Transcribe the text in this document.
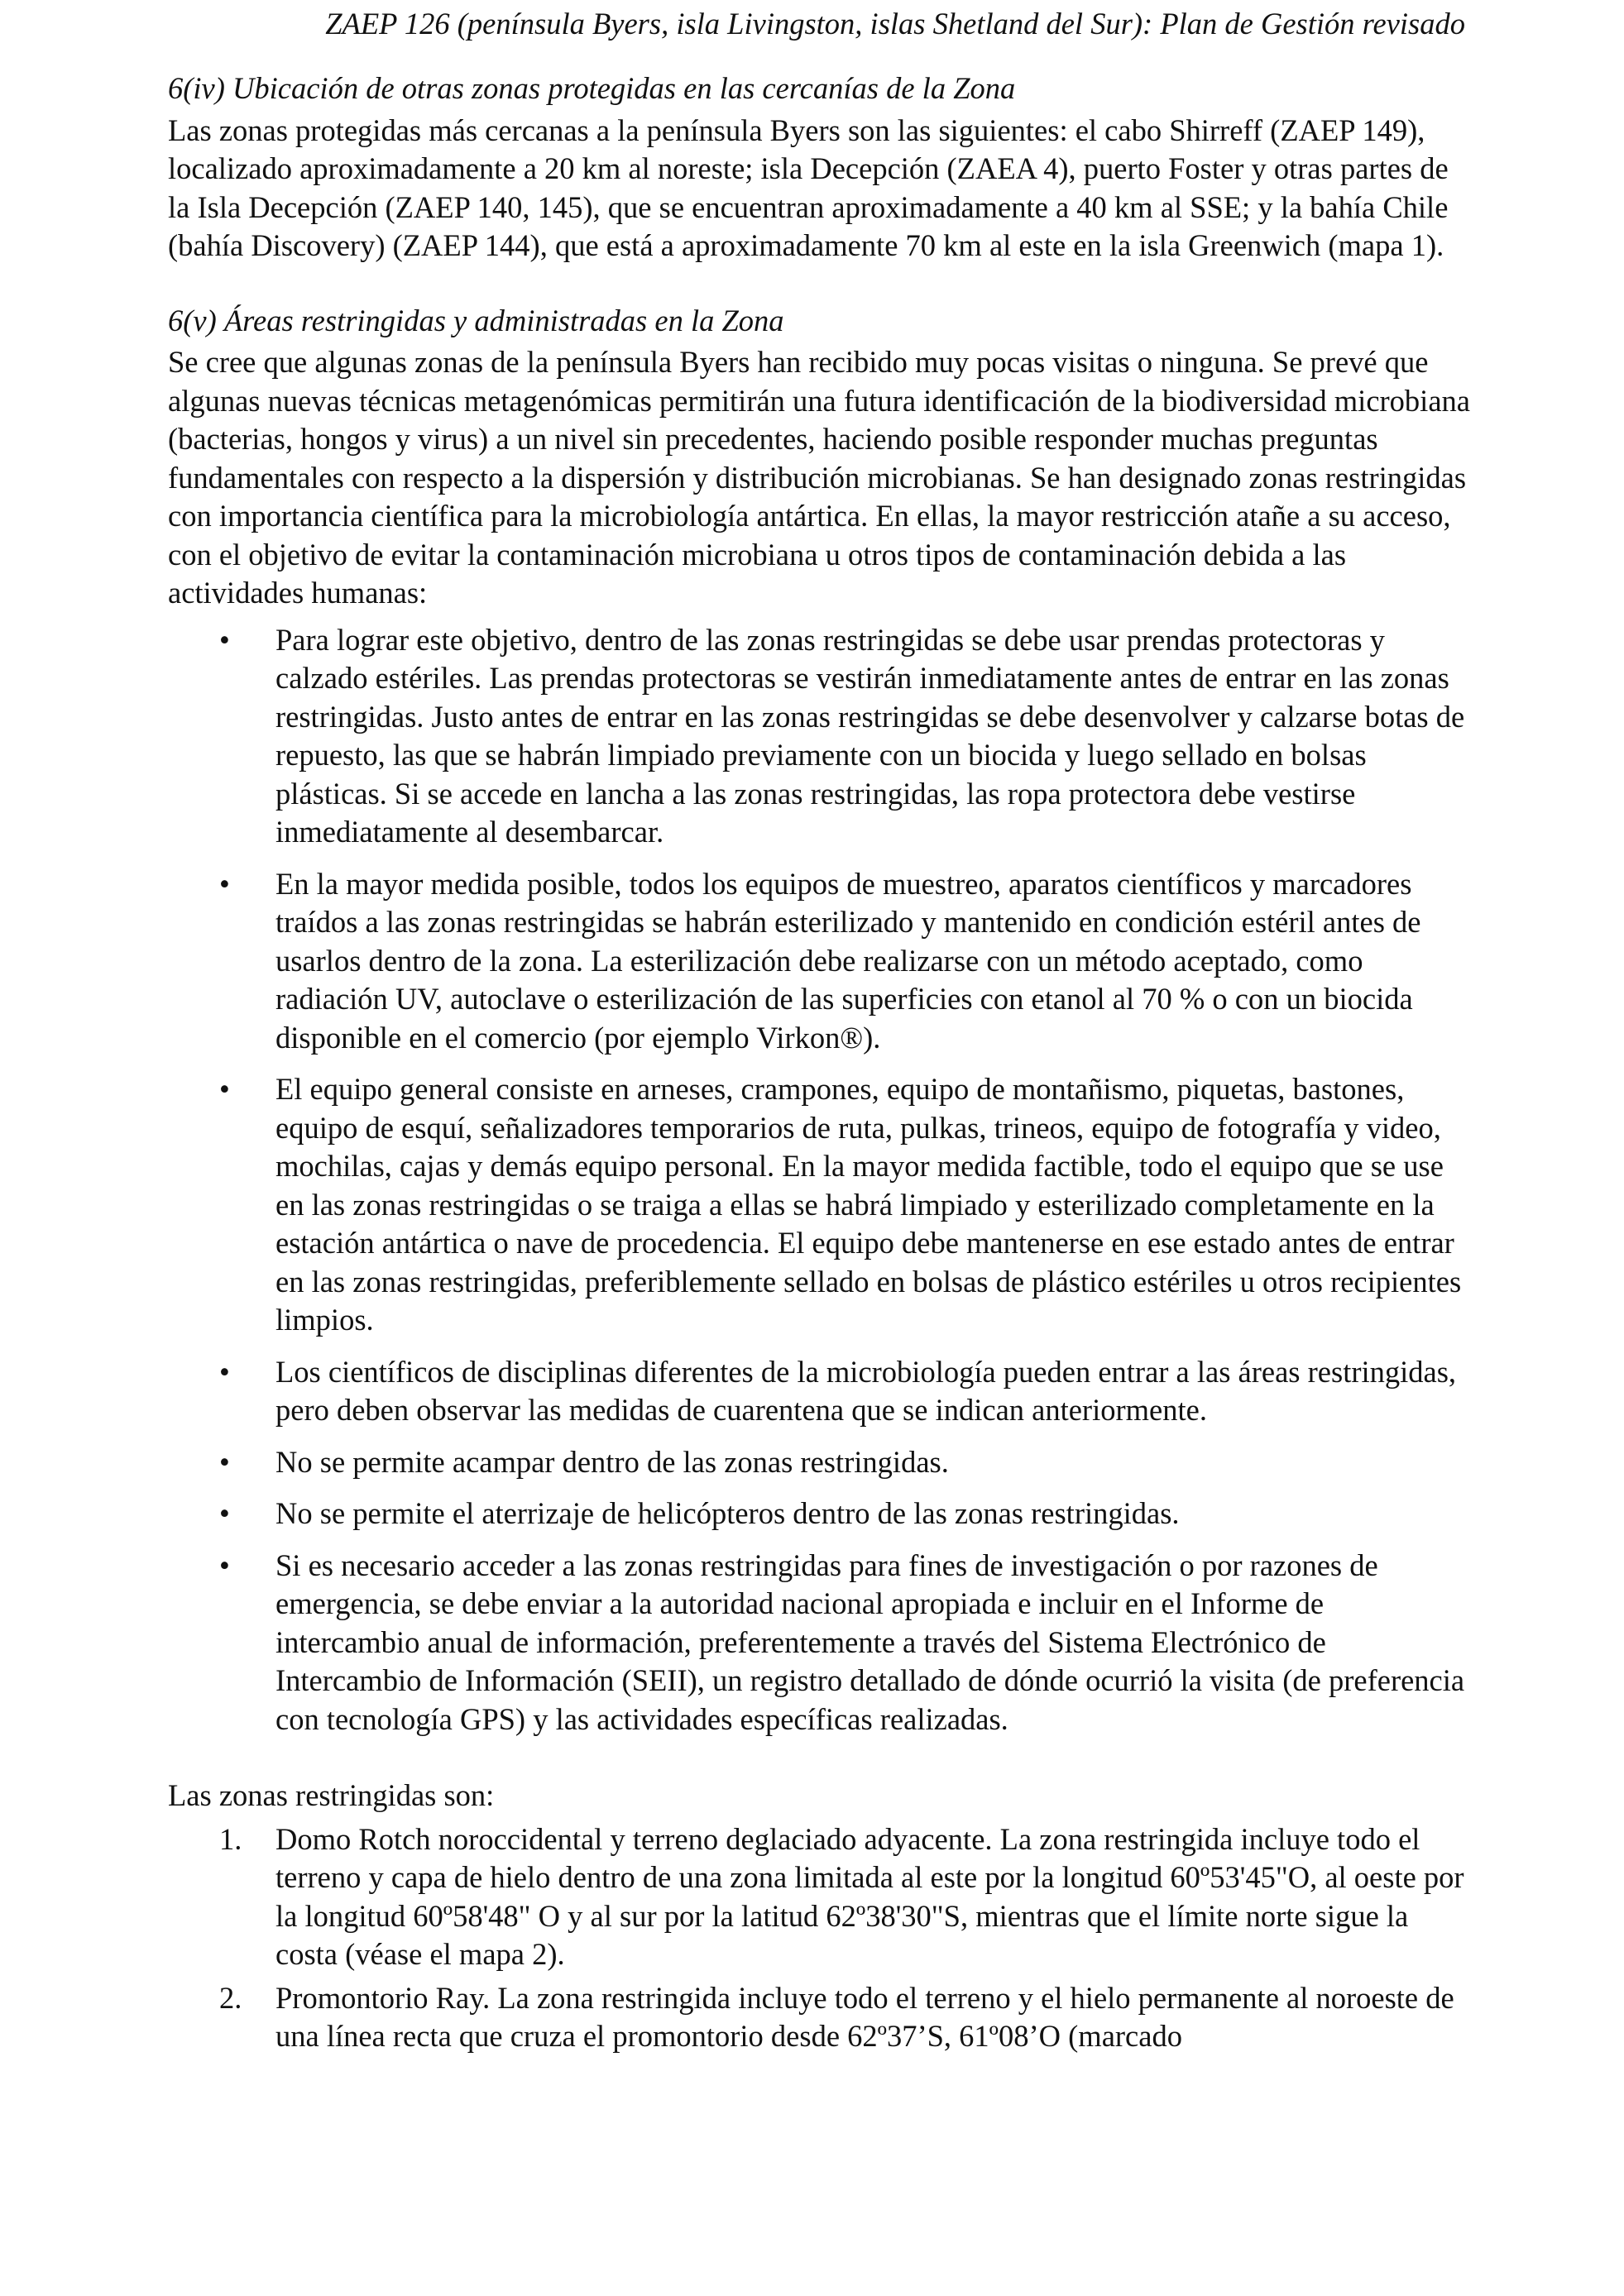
ZAEP 126 (península Byers, isla Livingston, islas Shetland del Sur): Plan de Gestión revisado

6(iv) Ubicación de otras zonas protegidas en las cercanías de la Zona

Las zonas protegidas más cercanas a la península Byers son las siguientes: el cabo Shirreff (ZAEP 149), localizado aproximadamente a 20 km al noreste; isla Decepción (ZAEA 4), puerto Foster y otras partes de la Isla Decepción (ZAEP 140, 145), que se encuentran aproximadamente a 40 km al SSE; y la bahía Chile (bahía Discovery) (ZAEP 144), que está a aproximadamente 70 km al este en la isla Greenwich (mapa 1).

6(v) Áreas restringidas y administradas en la Zona

Se cree que algunas zonas de la península Byers han recibido muy pocas visitas o ninguna. Se prevé que algunas nuevas técnicas metagenómicas permitirán una futura identificación de la biodiversidad microbiana (bacterias, hongos y virus) a un nivel sin precedentes, haciendo posible responder muchas preguntas fundamentales con respecto a la dispersión y distribución microbianas. Se han designado zonas restringidas con importancia científica para la microbiología antártica. En ellas, la mayor restricción atañe a su acceso, con el objetivo de evitar la contaminación microbiana u otros tipos de contaminación debida a las actividades humanas:

• Para lograr este objetivo, dentro de las zonas restringidas se debe usar prendas protectoras y calzado estériles. Las prendas protectoras se vestirán inmediatamente antes de entrar en las zonas restringidas. Justo antes de entrar en las zonas restringidas se debe desenvolver y calzarse botas de repuesto, las que se habrán limpiado previamente con un biocida y luego sellado en bolsas plásticas. Si se accede en lancha a las zonas restringidas, las ropa protectora debe vestirse inmediatamente al desembarcar.
• En la mayor medida posible, todos los equipos de muestreo, aparatos científicos y marcadores traídos a las zonas restringidas se habrán esterilizado y mantenido en condición estéril antes de usarlos dentro de la zona. La esterilización debe realizarse con un método aceptado, como radiación UV, autoclave o esterilización de las superficies con etanol al 70 % o con un biocida disponible en el comercio (por ejemplo Virkon®).
• El equipo general consiste en arneses, crampones, equipo de montañismo, piquetas, bastones, equipo de esquí, señalizadores temporarios de ruta, pulkas, trineos, equipo de fotografía y video, mochilas, cajas y demás equipo personal. En la mayor medida factible, todo el equipo que se use en las zonas restringidas o se traiga a ellas se habrá limpiado y esterilizado completamente en la estación antártica o nave de procedencia. El equipo debe mantenerse en ese estado antes de entrar en las zonas restringidas, preferiblemente sellado en bolsas de plástico estériles u otros recipientes limpios.
• Los científicos de disciplinas diferentes de la microbiología pueden entrar a las áreas restringidas, pero deben observar las medidas de cuarentena que se indican anteriormente.
• No se permite acampar dentro de las zonas restringidas.
• No se permite el aterrizaje de helicópteros dentro de las zonas restringidas.
• Si es necesario acceder a las zonas restringidas para fines de investigación o por razones de emergencia, se debe enviar a la autoridad nacional apropiada e incluir en el Informe de intercambio anual de información, preferentemente a través del Sistema Electrónico de Intercambio de Información (SEII), un registro detallado de dónde ocurrió la visita (de preferencia con tecnología GPS) y las actividades específicas realizadas.

Las zonas restringidas son:

1. Domo Rotch noroccidental y terreno deglaciado adyacente. La zona restringida incluye todo el terreno y capa de hielo dentro de una zona limitada al este por la longitud 60º53'45"O, al oeste por la longitud 60º58'48" O y al sur por la latitud 62º38'30"S, mientras que el límite norte sigue la costa (véase el mapa 2).
2. Promontorio Ray. La zona restringida incluye todo el terreno y el hielo permanente al noroeste de una línea recta que cruza el promontorio desde 62º37’S, 61º08’O (marcado
